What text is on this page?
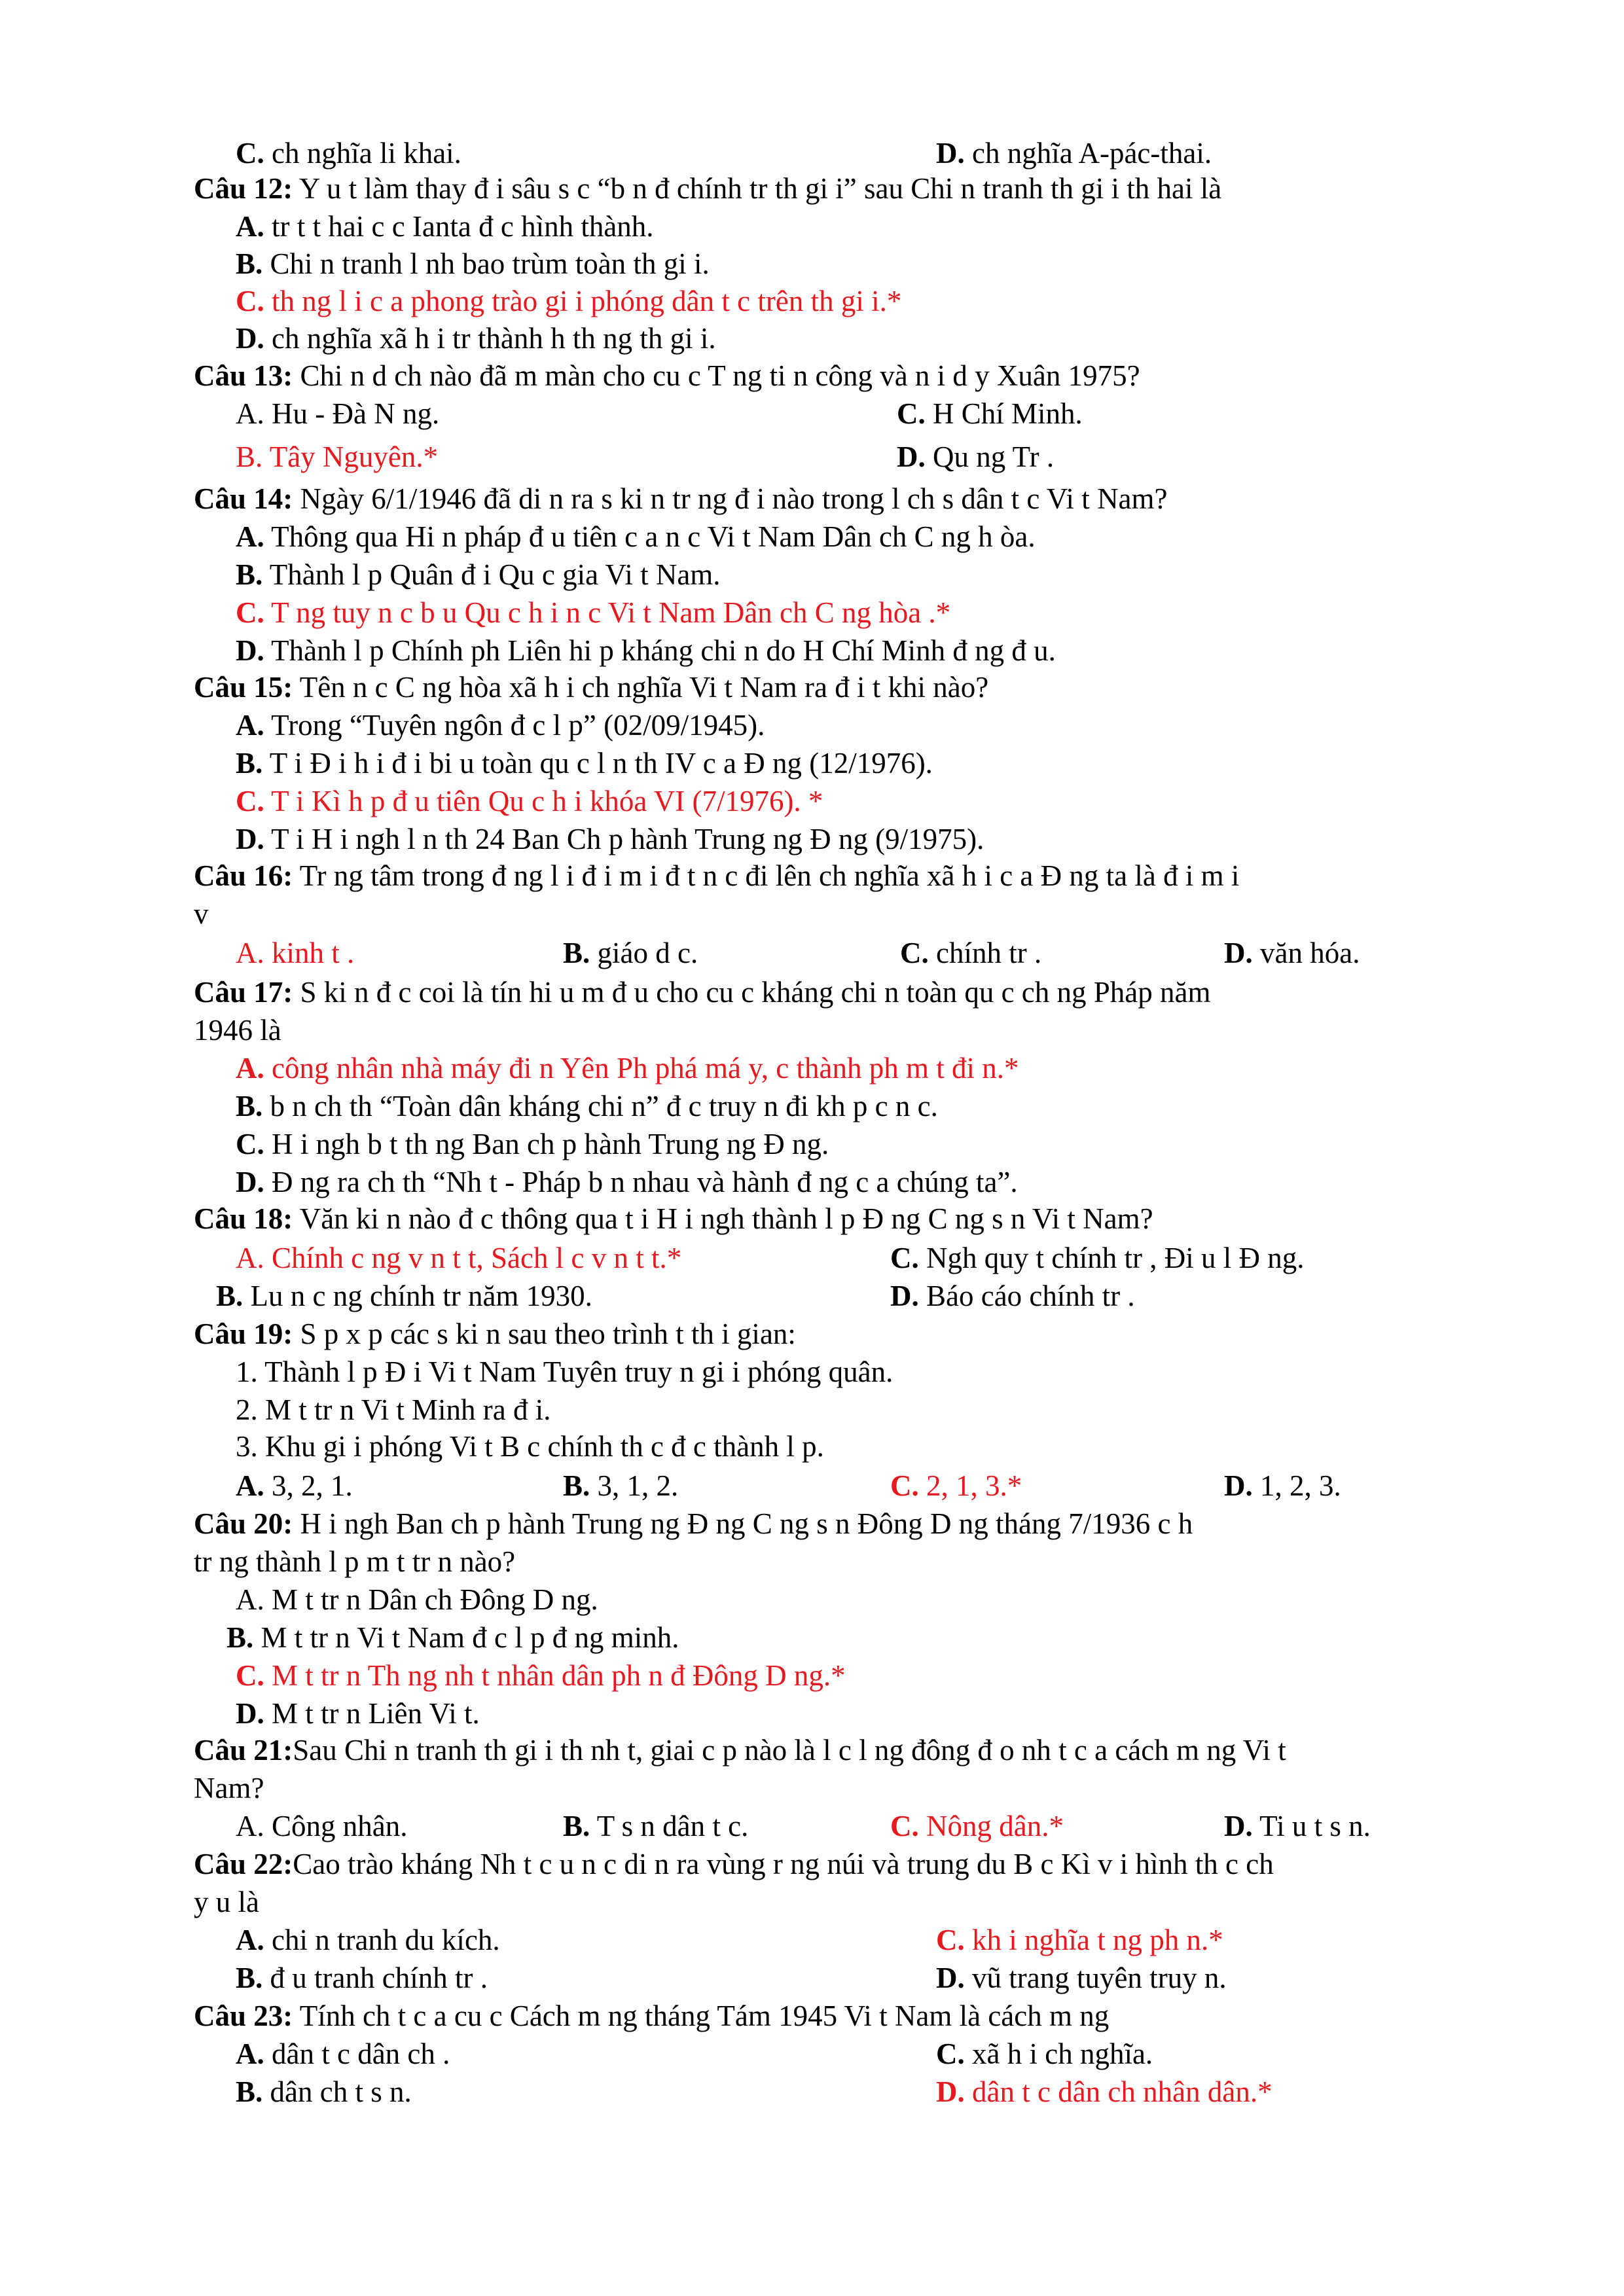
C. ch nghĩa li khai.	D. ch nghĩa A-pác-thai.
Câu 12: Y u t làm thay đ i sâu s c “b n đ chính tr th gi i” sau Chi n tranh th gi i th hai là
A. tr t t hai c c Ianta đ c hình thành.
B. Chi n tranh l nh bao trùm toàn th gi i.
C. th ng l i c a phong trào gi i phóng dân t c trên th gi i.*
D. ch nghĩa xã h i tr thành h th ng th gi i.
Câu 13: Chi n d ch nào đã m màn cho cu c T ng ti n công và n i d y Xuân 1975?
A. Hu - Đà N ng.	C. H Chí Minh.
B. Tây Nguyên.*	D. Qu ng Tr .
Câu 14: Ngày 6/1/1946 đã di n ra s ki n tr ng đ i nào trong l ch s dân t c Vi t Nam?
A. Thông qua Hi n pháp đ u tiên c a n c Vi t Nam Dân ch C ng h òa.
B. Thành l p Quân đ i Qu c gia Vi t Nam.
C. T ng tuy n c b u Qu c h i n c Vi t Nam Dân ch C ng hòa .*
D. Thành l p Chính ph Liên hi p kháng chi n do H Chí Minh đ ng đ u.
Câu 15: Tên n c C ng hòa xã h i ch nghĩa Vi t Nam ra đ i t khi nào?
A. Trong “Tuyên ngôn đ c l p” (02/09/1945).
B. T i Đ i h i đ i bi u toàn qu c l n th IV c a Đ ng (12/1976).
C. T i Kì h p đ u tiên Qu c h i khóa VI (7/1976). *
D. T i H i ngh l n th 24 Ban Ch p hành Trung ng Đ ng (9/1975).
Câu 16: Tr ng tâm trong đ ng l i đ i m i đ t n c đi lên ch nghĩa xã h i c a Đ ng ta là đ i m i
v
A. kinh t .	B. giáo d c.	C. chính tr .	D. văn hóa.
Câu 17: S ki n đ c coi là tín hi u m đ u cho cu c kháng chi n toàn qu c ch ng Pháp năm
1946 là
A. công nhân nhà máy đi n Yên Ph phá má y, c thành ph m t đi n.*
B. b n ch th “Toàn dân kháng chi n” đ c truy n đi kh p c n c.
C. H i ngh b t th ng Ban ch p hành Trung ng Đ ng.
D. Đ ng ra ch th “Nh t - Pháp b n nhau và hành đ ng c a chúng ta”.
Câu 18: Văn ki n nào đ c thông qua t i H i ngh thành l p Đ ng C ng s n Vi t Nam?
A. Chính c ng v n t t, Sách l c v n t t.*	C. Ngh quy t chính tr , Đi u l Đ ng.
B. Lu n c ng chính tr năm 1930.	D. Báo cáo chính tr .
Câu 19: S p x p các s ki n sau theo trình t th i gian:
1. Thành l p Đ i Vi t Nam Tuyên truy n gi i phóng quân.
2. M t tr n Vi t Minh ra đ i.
3. Khu gi i phóng Vi t B c chính th c đ c thành l p.
A. 3, 2, 1.	B. 3, 1, 2.	C. 2, 1, 3.*	D. 1, 2, 3.
Câu 20: H i ngh Ban ch p hành Trung ng Đ ng C ng s n Đông D ng tháng 7/1936 c h
tr ng thành l p m t tr n nào?
A. M t tr n Dân ch Đông D ng.
B. M t tr n Vi t Nam đ c l p đ ng minh.
C. M t tr n Th ng nh t nhân dân ph n đ Đông D ng.*
D. M t tr n Liên Vi t.
Câu 21:Sau Chi n tranh th gi i th nh t, giai c p nào là l c l ng đông đ o nh t c a cách m ng Vi t
Nam?
A. Công nhân.	B. T s n dân t c.	C. Nông dân.*	D. Ti u t s n.
Câu 22:Cao trào kháng Nh t c u n c di n ra vùng r ng núi và trung du B c Kì v i hình th c ch
y u là
A. chi n tranh du kích.	C. kh i nghĩa t ng ph n.*
B. đ u tranh chính tr .	D. vũ trang tuyên truy n.
Câu 23: Tính ch t c a cu c Cách m ng tháng Tám 1945 Vi t Nam là cách m ng
A. dân t c dân ch .	C. xã h i ch nghĩa.
B. dân ch t s n.	D. dân t c dân ch nhân dân.*
